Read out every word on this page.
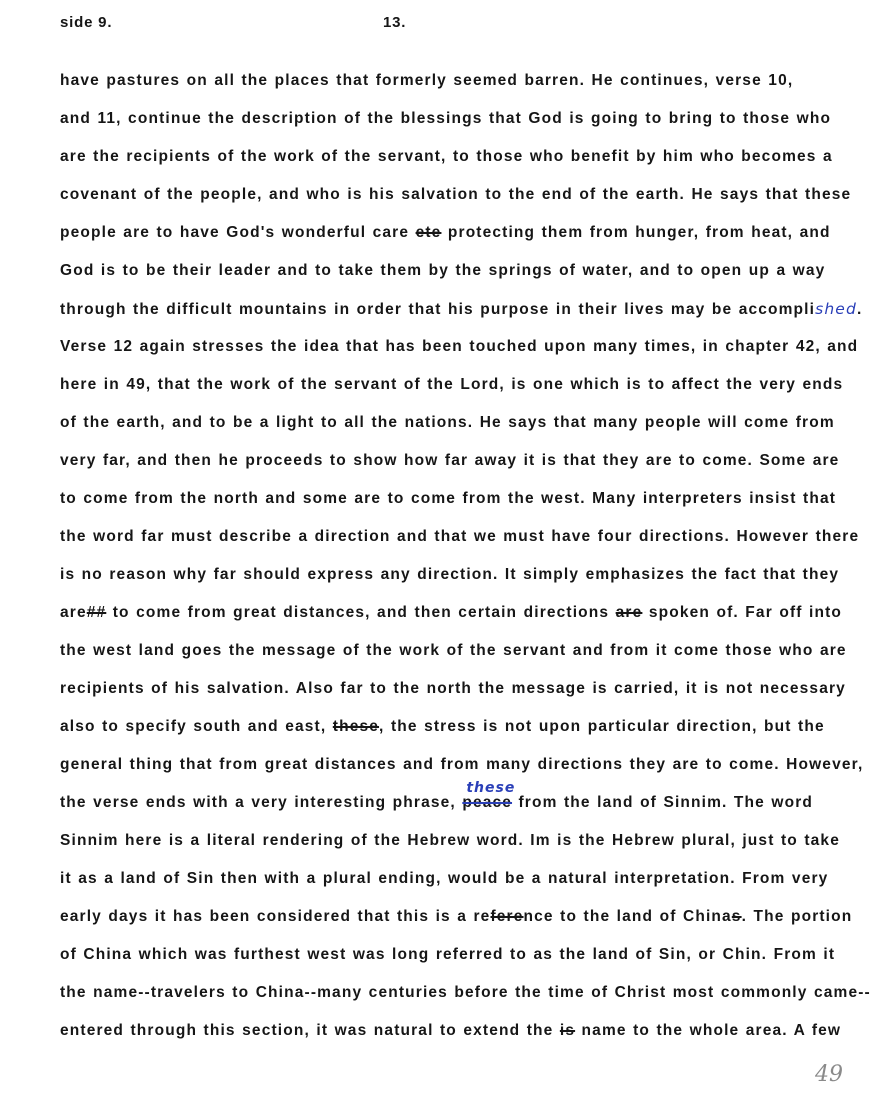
side 9.	13.
have pastures on all the places that formerly seemed barren. He continues, verse 10,
and 11, continue the description of the blessings that God is going to bring to those who
are the recipients of the work of the servant, to those who benefit by him who becomes a
covenant of the people, and who is his salvation to the end of the earth. He says that these
people are to have God's wonderful care ete protecting them from hunger, from heat, and
God is to be their leader and to take them by the springs of water, and to open up a way
through the difficult mountains in order that his purpose in their lives may be accomplished.
Verse 12 again stresses the idea that has been touched upon many times, in chapter 42, and
here in 49, that the work of the servant of the Lord, is one which is to affect the very ends
of the earth, and to be a light to all the nations. He says that many people will come from
very far, and then he proceeds to show how far away it is that they are to come. Some are
to come from the north and some are to come from the west. Many interpreters insist that
the word far must describe a direction and that we must have four directions. However there
is no reason why far should express any direction. It simply emphasizes the fact that they
are## to come from great distances, and then certain directions are spoken of. Far off into
the west land goes the message of the work of the servant and from it come those who are
recipients of his salvation. Also far to the north the message is carried, it is not necessary
also to specify south and east, these, the stress is not upon particular direction, but the
general thing that from great distances and from many directions they are to come. However,
the verse ends with a very interesting phrase, peace
these
from the land of Sinnim. The word
Sinnim here is a literal rendering of the Hebrew word. Im is the Hebrew plural, just to take
it as a land of Sin then with a plural ending, would be a natural interpretation. From very
early days it has been considered that this is a reference to the land of Chinas. The portion
of China which was furthest west was long referred to as the land of Sin, or Chin. From it
the name--travelers to China--many centuries before the time of Christ most commonly came--
entered through this section, it was natural to extend the is name to the whole area. A few
49
